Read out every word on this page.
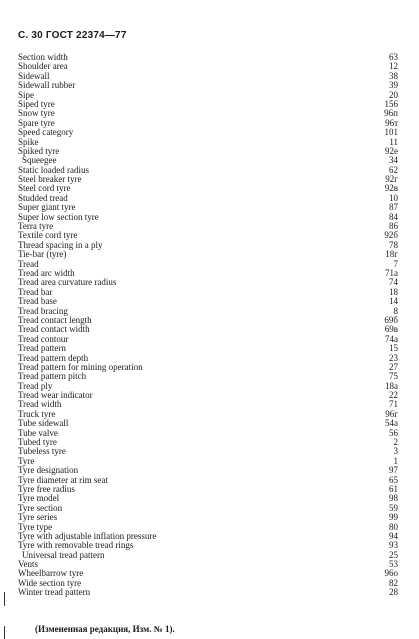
С. 30 ГОСТ 22374—77
Section width	63
Shoulder area	12
Sidewall	38
Sidewall rubber	39
Sipe	20
Siped tyre	156
Snow tyre	96п
Spare tyre	96т
Speed category	101
Spike	11
Spiked tyre	92е
Squeegee	34
Static loaded radius	62
Steel breaker tyre	92г
Steel cord tyre	92в
Studded tread	10
Super giant tyre	87
Super low section tyre	84
Terra tyre	86
Textile cord tyre	92б
Thread spacing in a ply	78
Tie-bar (tyre)	18г
Tread	7
Tread arc width	71а
Tread area curvature radius	74
Tread bar	18
Tread base	14
Tread bracing	8
Tread contact length	69б
Tread contact width	69в
Tread contour	74а
Tread pattern	15
Tread pattern depth	23
Tread pattern for mining operation	27
Tread pattern pitch	75
Tread ply	18а
Tread wear indicator	22
Tread width	71
Truck tyre	96г
Tube sidewall	54а
Tube valve	56
Tubed tyre	2
Tubeless tyre	3
Tyre	1
Tyre designation	97
Tyre diameter at rim seat	65
Tyre free radius	61
Tyre model	98
Tyre section	59
Tyre series	99
Tyre type	80
Tyre with adjustable inflation pressure	94
Tyre with removable tread rings	93
Universal tread pattern	25
Vents	53
Wheelbarrow tyre	96о
Wide section tyre	82
Winter tread pattern	28
(Измененная редакция, Изм. № 1).
